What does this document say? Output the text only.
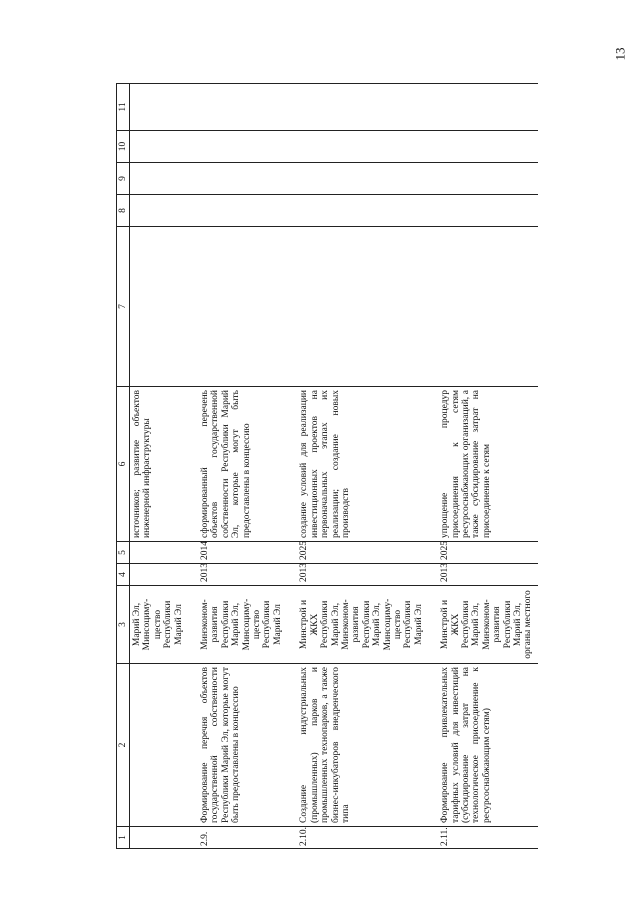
13
1	2	3	4	5	6	7	8	9	10	11
		Марий Эл, Минсоциму-щество Республики Марий Эл			источников; развитие объектов инженерной инфраструктуры					
2.9.	Формирование перечня объектов государственной собственности Республики Марий Эл, которые могут быть предоставлены в концессию	Минэконом-развития Республики Марий Эл, Минсоциму-щество Республики Марий Эл	2013	2014	сформированный перечень объектов государственной собственности Республики Марий Эл, которые могут быть предоставлены в концессию					
2.10.	Создание индустриальных (промышленных) парков и промышленных технопарков, а также бизнес-инкубаторов внедренческого типа	Минстрой и ЖКХ Республики Марий Эл, Минэконом-развития Республики Марий Эл, Минсоциму-щество Республики Марий Эл	2013	2025	создание условий для реализации инвестиционных проектов на первоначальных этапах их реализации; создание новых производств					
2.11.	Формирование привлекательных тарифных условий для инвестиций (субсидирование затрат на технологическое присоединение к ресурсоснабжающим сетям)	Минстрой и ЖКХ Республики Марий Эл, Минэконом-развития Республики Марий Эл, органы местного	2013	2025	упрощение процедур присоединения к сетям ресурсоснабжающих организаций, а также субсидирование затрат на присоединение к сетям					
